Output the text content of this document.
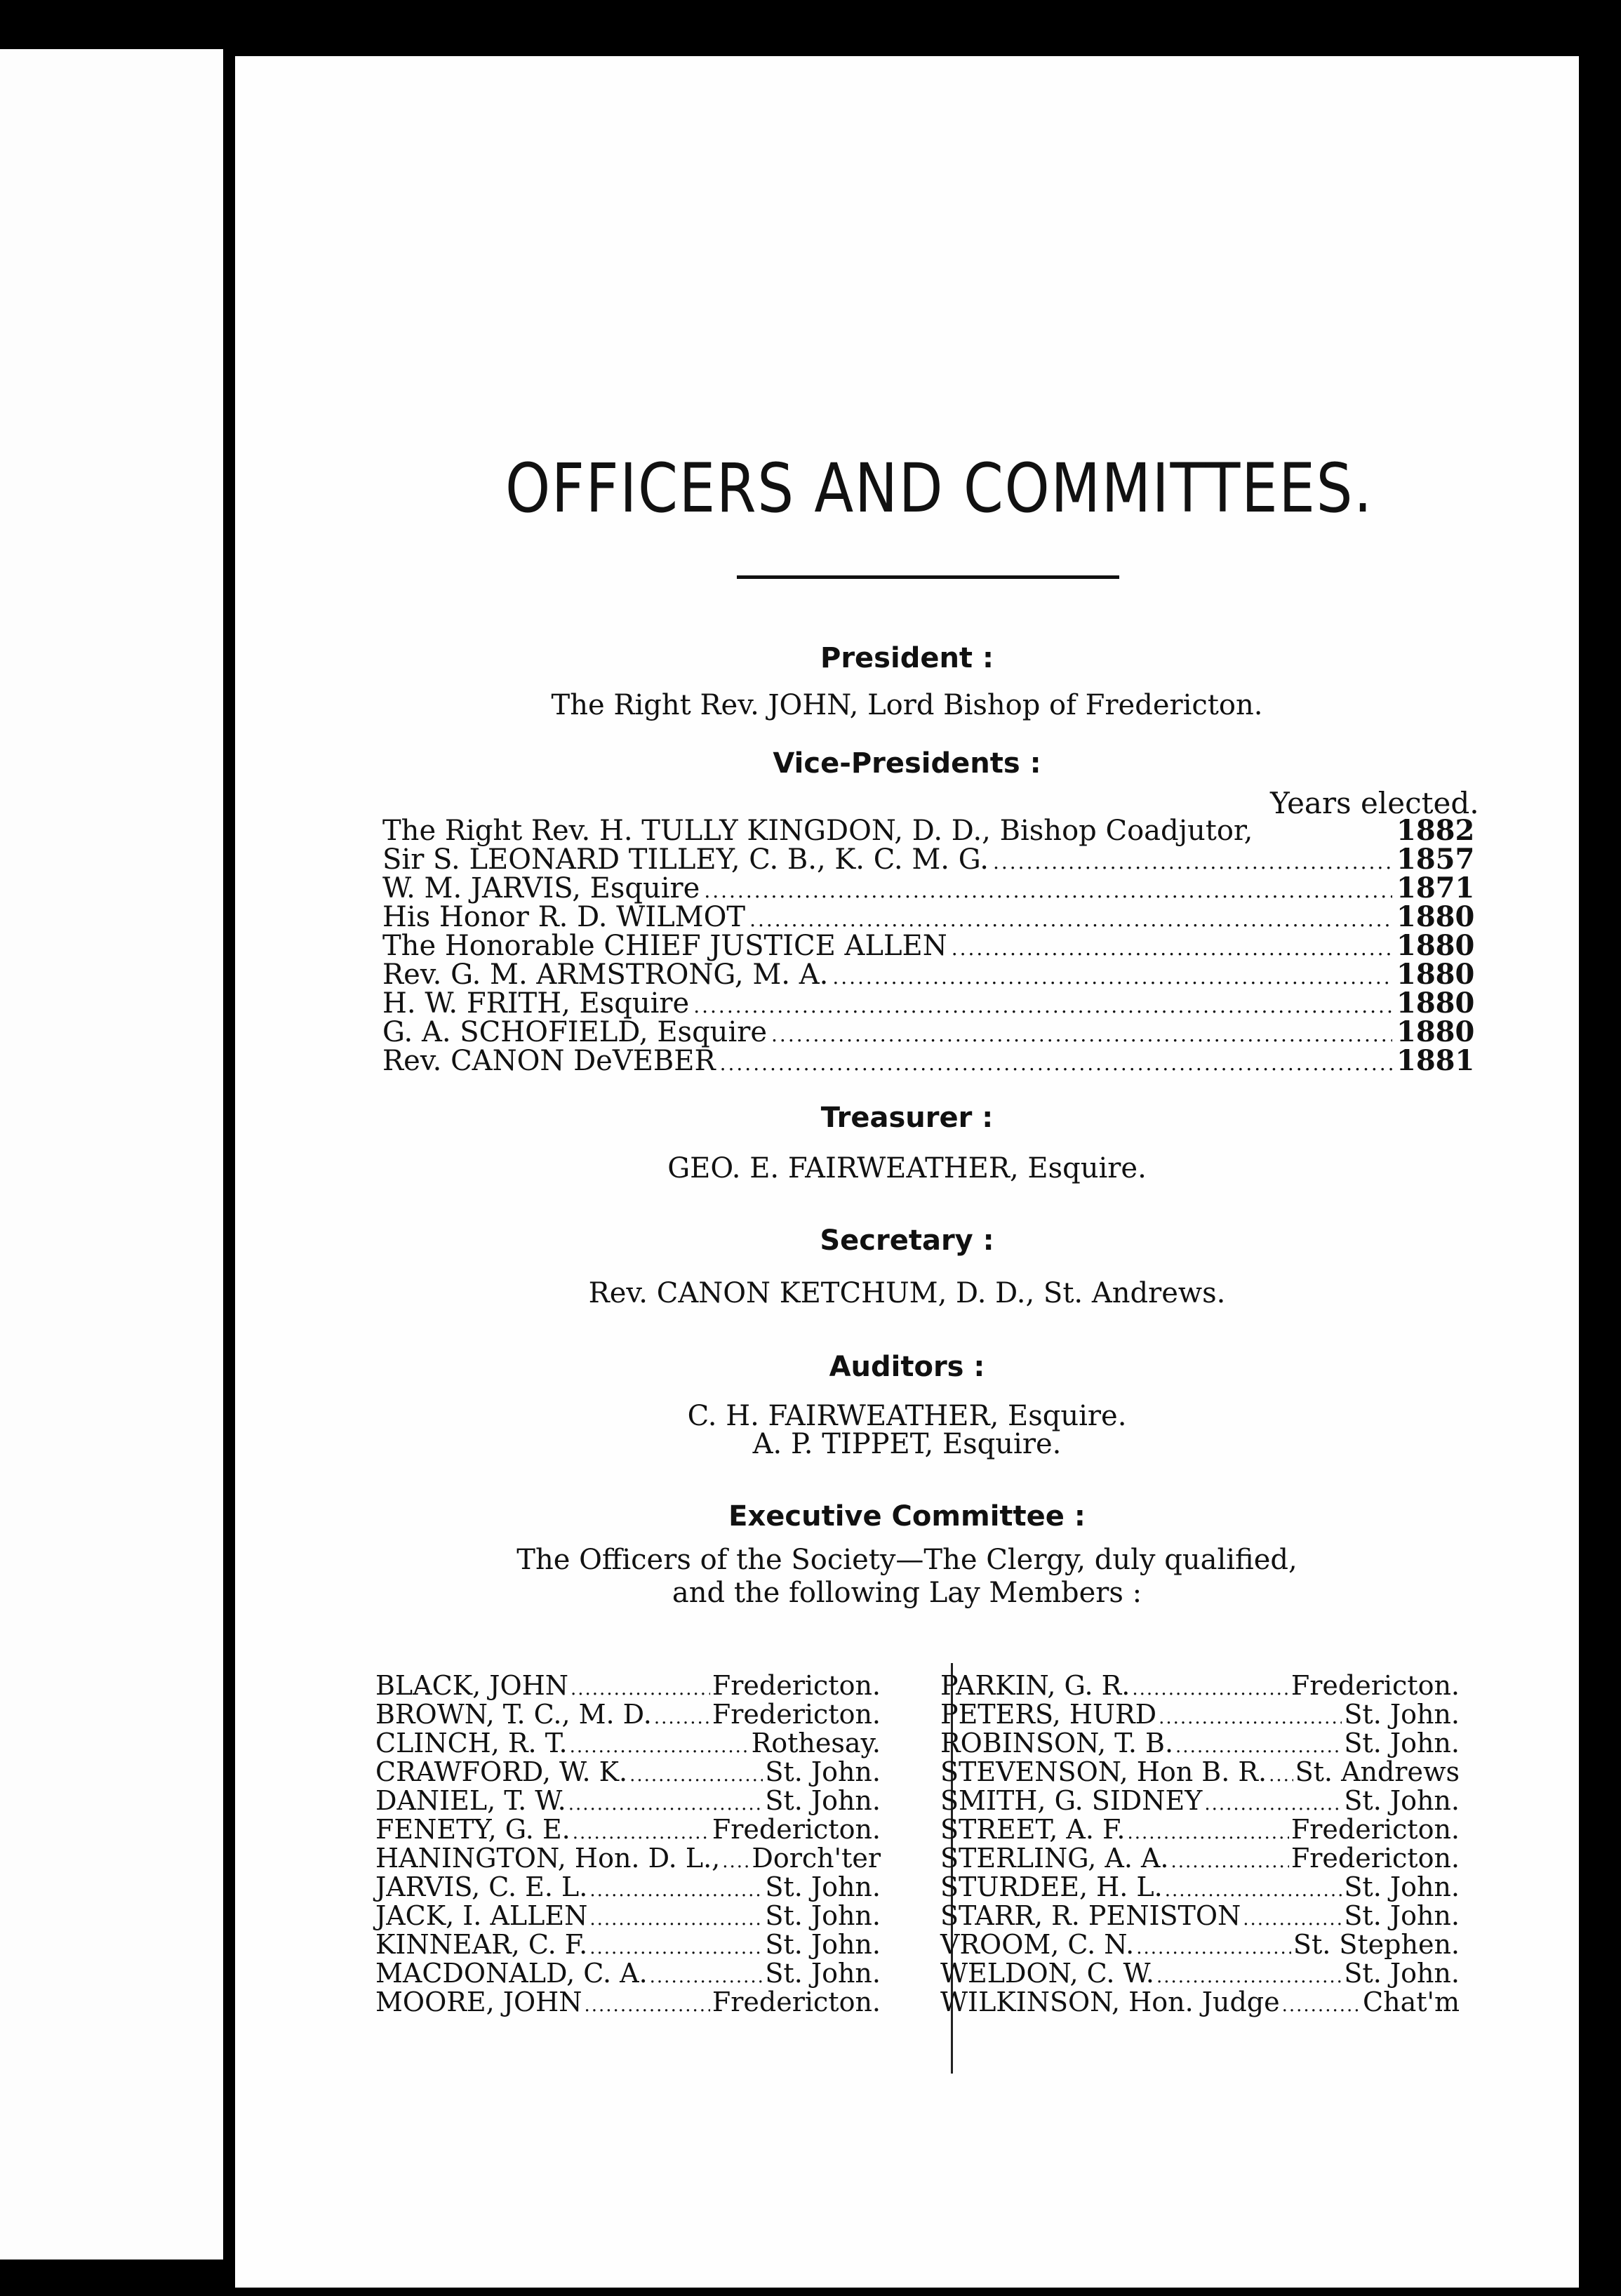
OFFICERS AND COMMITTEES.
President :

The Right Rev. JOHN, Lord Bishop of Fredericton.

Vice-Presidents :
Years elected.
The Right Rev. H. TULLY KINGDON, D. D., Bishop Coadjutor,	1882
Sir S. LEONARD TILLEY, C. B., K. C. M. G. .....	1857
W. M. JARVIS, Esquire .....	1871
His Honor R. D. WILMOT .....	1880
The Honorable CHIEF JUSTICE ALLEN .....	1880
Rev. G. M. ARMSTRONG, M. A. .....	1880
H. W. FRITH, Esquire .....	1880
G. A. SCHOFIELD, Esquire .....	1880
Rev. CANON DeVEBER .....	1881
Treasurer :

GEO. E. FAIRWEATHER, Esquire.

Secretary :

Rev. CANON KETCHUM, D. D., St. Andrews.

Auditors :

C. H. FAIRWEATHER, Esquire.

A. P. TIPPET, Esquire.

Executive Committee :

The Officers of the Society—The Clergy, duly qualified,

and the following Lay Members :

BLACK, JOHN .....	Fredericton.
BROWN, T. C., M. D. ..... Fredericton.
CLINCH, R. T. .....	Rothesay.
CRAWFORD, W. K. .....	St. John.
DANIEL, T. W. .....	St. John.
FENETY, G. E. .....	Fredericton.
HANINGTON, Hon. D. L., ..... Dorch'ter
JARVIS, C. E. L. .....	St. John.
JACK, I. ALLEN .....	St. John.
KINNEAR, C. F. .....	St. John.
MACDONALD, C. A. .....	St. John.
MOORE, JOHN .....	Fredericton.
PARKIN, G. R. .....	Fredericton.
PETERS, HURD .....	St. John.
ROBINSON, T. B. .....	St. John.
STEVENSON, Hon B. R. ..... St. Andrews
SMITH, G. SIDNEY .....	St. John.
STREET, A. F. .....	Fredericton.
STERLING, A. A. .....	Fredericton.
STURDEE, H. L. .....	St. John.
STARR, R. PENISTON .....	St. John.
VROOM, C. N. .....	St. Stephen.
WELDON, C. W. .....	St. John.
WILKINSON, Hon. Judge .....	Chat'm
